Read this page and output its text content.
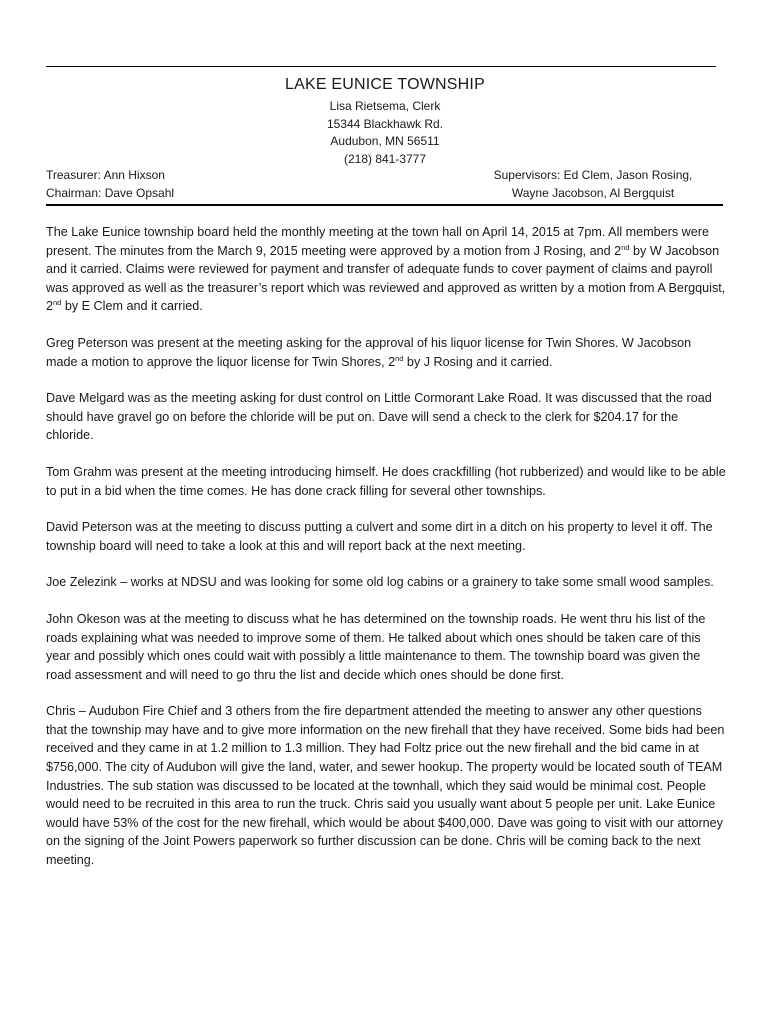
LAKE EUNICE TOWNSHIP
Lisa Rietsema, Clerk
15344 Blackhawk Rd.
Audubon, MN 56511
(218) 841-3777
Treasurer: Ann Hixson
Chairman: Dave Opsahl
Supervisors: Ed Clem, Jason Rosing,
Wayne Jacobson, Al Bergquist

The Lake Eunice township board held the monthly meeting at the town hall on April 14, 2015 at 7pm. All members were present. The minutes from the March 9, 2015 meeting were approved by a motion from J Rosing, and 2nd by W Jacobson and it carried. Claims were reviewed for payment and transfer of adequate funds to cover payment of claims and payroll was approved as well as the treasurer’s report which was reviewed and approved as written by a motion from A Bergquist, 2nd by E Clem and it carried.

Greg Peterson was present at the meeting asking for the approval of his liquor license for Twin Shores. W Jacobson made a motion to approve the liquor license for Twin Shores, 2nd by J Rosing and it carried.

Dave Melgard was as the meeting asking for dust control on Little Cormorant Lake Road. It was discussed that the road should have gravel go on before the chloride will be put on. Dave will send a check to the clerk for $204.17 for the chloride.

Tom Grahm was present at the meeting introducing himself. He does crackfilling (hot rubberized) and would like to be able to put in a bid when the time comes. He has done crack filling for several other townships.

David Peterson was at the meeting to discuss putting a culvert and some dirt in a ditch on his property to level it off. The township board will need to take a look at this and will report back at the next meeting.

Joe Zelezink – works at NDSU and was looking for some old log cabins or a grainery to take some small wood samples.

John Okeson was at the meeting to discuss what he has determined on the township roads. He went thru his list of the roads explaining what was needed to improve some of them. He talked about which ones should be taken care of this year and possibly which ones could wait with possibly a little maintenance to them. The township board was given the road assessment and will need to go thru the list and decide which ones should be done first.

Chris – Audubon Fire Chief and 3 others from the fire department attended the meeting to answer any other questions that the township may have and to give more information on the new firehall that they have received. Some bids had been received and they came in at 1.2 million to 1.3 million. They had Foltz price out the new firehall and the bid came in at $756,000. The city of Audubon will give the land, water, and sewer hookup. The property would be located south of TEAM Industries. The sub station was discussed to be located at the townhall, which they said would be minimal cost. People would need to be recruited in this area to run the truck. Chris said you usually want about 5 people per unit. Lake Eunice would have 53% of the cost for the new firehall, which would be about $400,000. Dave was going to visit with our attorney on the signing of the Joint Powers paperwork so further discussion can be done. Chris will be coming back to the next meeting.
